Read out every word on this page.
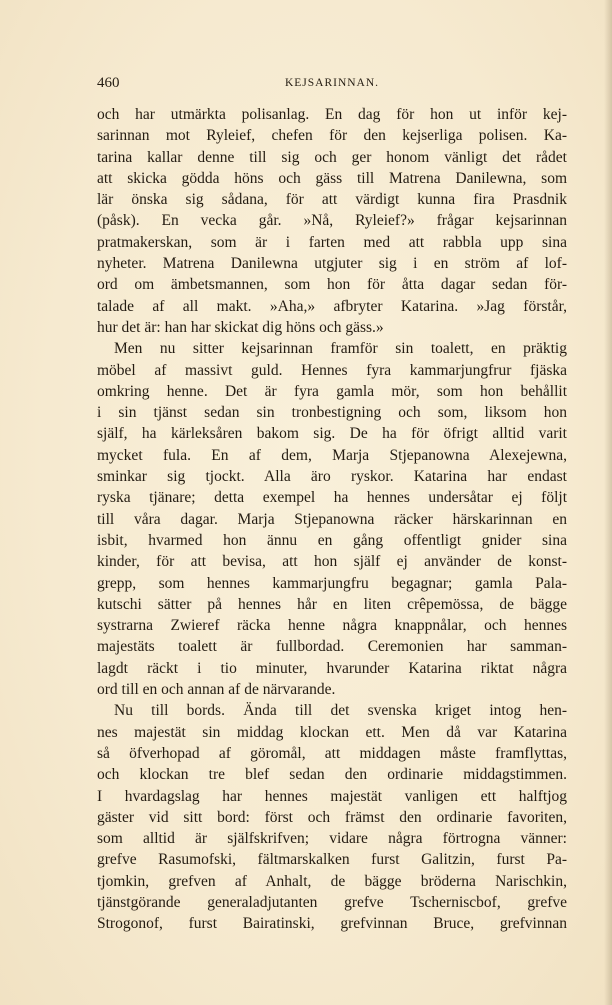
460	KEJSARINNAN.
och har utmärkta polisanlag. En dag för hon ut inför kej-
sarinnan mot Ryleief, chefen för den kejserliga polisen. Ka-
tarina kallar denne till sig och ger honom vänligt det rådet
att skicka gödda höns och gäss till Matrena Danilewna, som
lär önska sig sådana, för att värdigt kunna fira Prasdnik
(påsk). En vecka går. »Nå, Ryleief?» frågar kejsarinnan
pratmakerskan, som är i farten med att rabbla upp sina
nyheter. Matrena Danilewna utgjuter sig i en ström af lof-
ord om ämbetsmannen, som hon för åtta dagar sedan för-
talade af all makt. »Aha,» afbryter Katarina. »Jag förstår,
hur det är: han har skickat dig höns och gäss.»
Men nu sitter kejsarinnan framför sin toalett, en präktig
möbel af massivt guld. Hennes fyra kammarjungfrur fjäska
omkring henne. Det är fyra gamla mör, som hon behållit
i sin tjänst sedan sin tronbestigning och som, liksom hon
själf, ha kärleksåren bakom sig. De ha för öfrigt alltid varit
mycket fula. En af dem, Marja Stjepanowna Alexejewna,
sminkar sig tjockt. Alla äro ryskor. Katarina har endast
ryska tjänare; detta exempel ha hennes undersåtar ej följt
till våra dagar. Marja Stjepanowna räcker härskarinnan en
isbit, hvarmed hon ännu en gång offentligt gnider sina
kinder, för att bevisa, att hon själf ej använder de konst-
grepp, som hennes kammarjungfru begagnar; gamla Pala-
kutschi sätter på hennes hår en liten crêpemössa, de bägge
systrarna Zwieref räcka henne några knappnålar, och hennes
majestäts toalett är fullbordad. Ceremonien har samman-
lagdt räckt i tio minuter, hvarunder Katarina riktat några
ord till en och annan af de närvarande.
Nu till bords. Ända till det svenska kriget intog hen-
nes majestät sin middag klockan ett. Men då var Katarina
så öfverhopad af göromål, att middagen måste framflyttas,
och klockan tre blef sedan den ordinarie middagstimmen.
I hvardagslag har hennes majestät vanligen ett halftjog
gäster vid sitt bord: först och främst den ordinarie favoriten,
som alltid är själfskrifven; vidare några förtrogna vänner:
grefve Rasumofski, fältmarskalken furst Galitzin, furst Pa-
tjomkin, grefven af Anhalt, de bägge bröderna Narischkin,
tjänstgörande generaladjutanten grefve Tscherniscbof, grefve
Strogonof, furst Bairatinski, grefvinnan Bruce, grefvinnan
